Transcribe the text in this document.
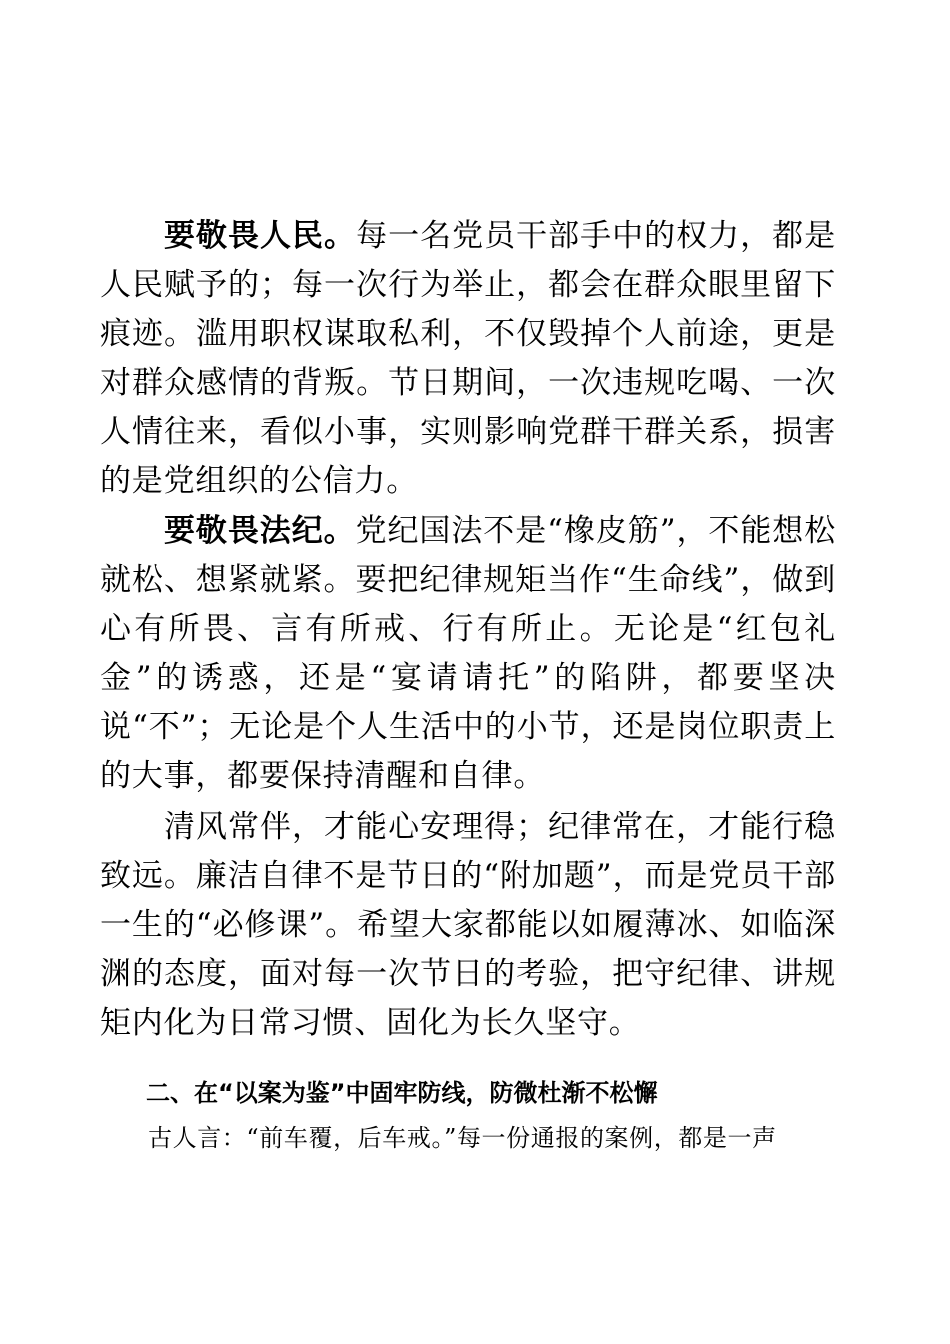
要敬畏人民。每一名党员干部手中的权力，都是人民赋予的；每一次行为举止，都会在群众眼里留下痕迹。滥用职权谋取私利，不仅毁掉个人前途，更是对群众感情的背叛。节日期间，一次违规吃喝、一次人情往来，看似小事，实则影响党群干群关系，损害的是党组织的公信力。

要敬畏法纪。党纪国法不是“橡皮筋”，不能想松就松、想紧就紧。要把纪律规矩当作“生命线”，做到心有所畏、言有所戒、行有所止。无论是“红包礼金”的诱惑，还是“宴请请托”的陷阱，都要坚决说“不”；无论是个人生活中的小节，还是岗位职责上的大事，都要保持清醒和自律。

清风常伴，才能心安理得；纪律常在，才能行稳致远。廉洁自律不是节日的“附加题”，而是党员干部一生的“必修课”。希望大家都能以如履薄冰、如临深渊的态度，面对每一次节日的考验，把守纪律、讲规矩内化为日常习惯、固化为长久坚守。

二、在“以案为鉴”中固牢防线，防微杜渐不松懈

古人言：“前车覆，后车戒。”每一份通报的案例，都是一声
